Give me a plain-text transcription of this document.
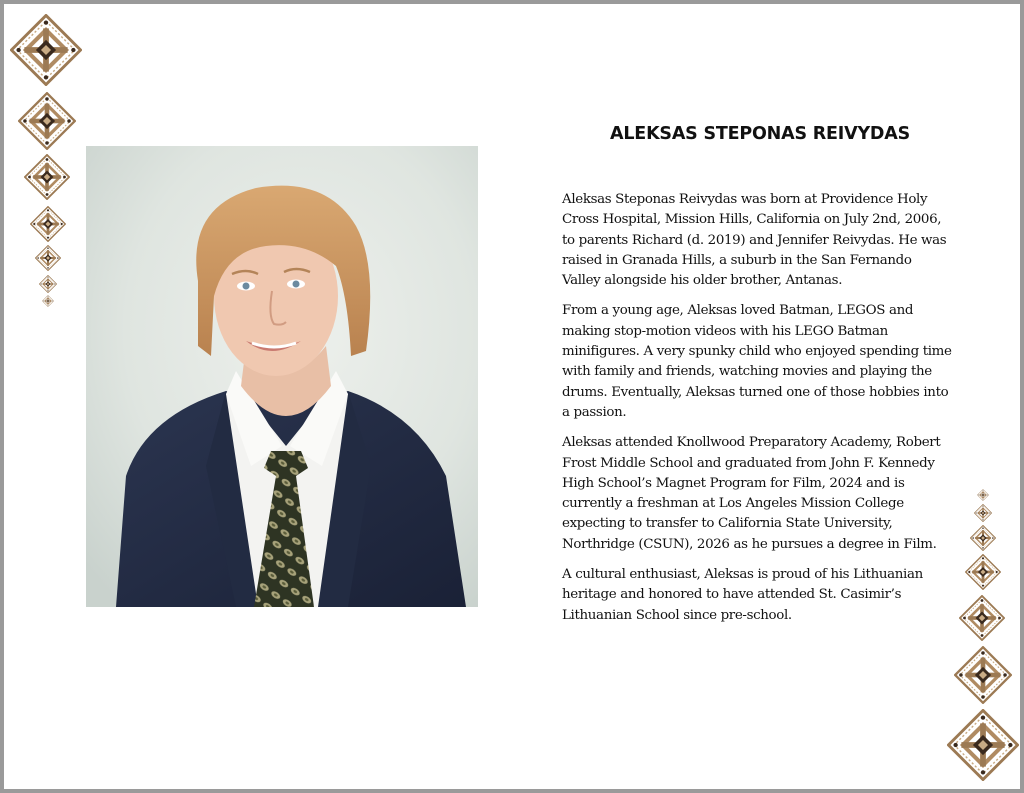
ALEKSAS STEPONAS REIVYDAS

Aleksas Steponas Reivydas was born at Providence Holy Cross Hospital, Mission Hills, California on July 2nd, 2006, to parents Richard (d. 2019) and Jennifer Reivydas. He was raised in Granada Hills, a suburb in the San Fernando Valley alongside his older brother, Antanas.

From a young age, Aleksas loved Batman, LEGOS and making stop-motion videos with his LEGO Batman minifigures. A very spunky child who enjoyed spending time with family and friends, watching movies and playing the drums. Eventually, Aleksas turned one of those hobbies into a passion.

Aleksas attended Knollwood Preparatory Academy, Robert Frost Middle School and graduated from John F. Kennedy High School’s Magnet Program for Film, 2024 and is currently a freshman at Los Angeles Mission College expecting to transfer to California State University, Northridge (CSUN), 2026 as he pursues a degree in Film.

A cultural enthusiast, Aleksas is proud of his Lithuanian heritage and honored to have attended St. Casimir’s Lithuanian School since pre-school.
